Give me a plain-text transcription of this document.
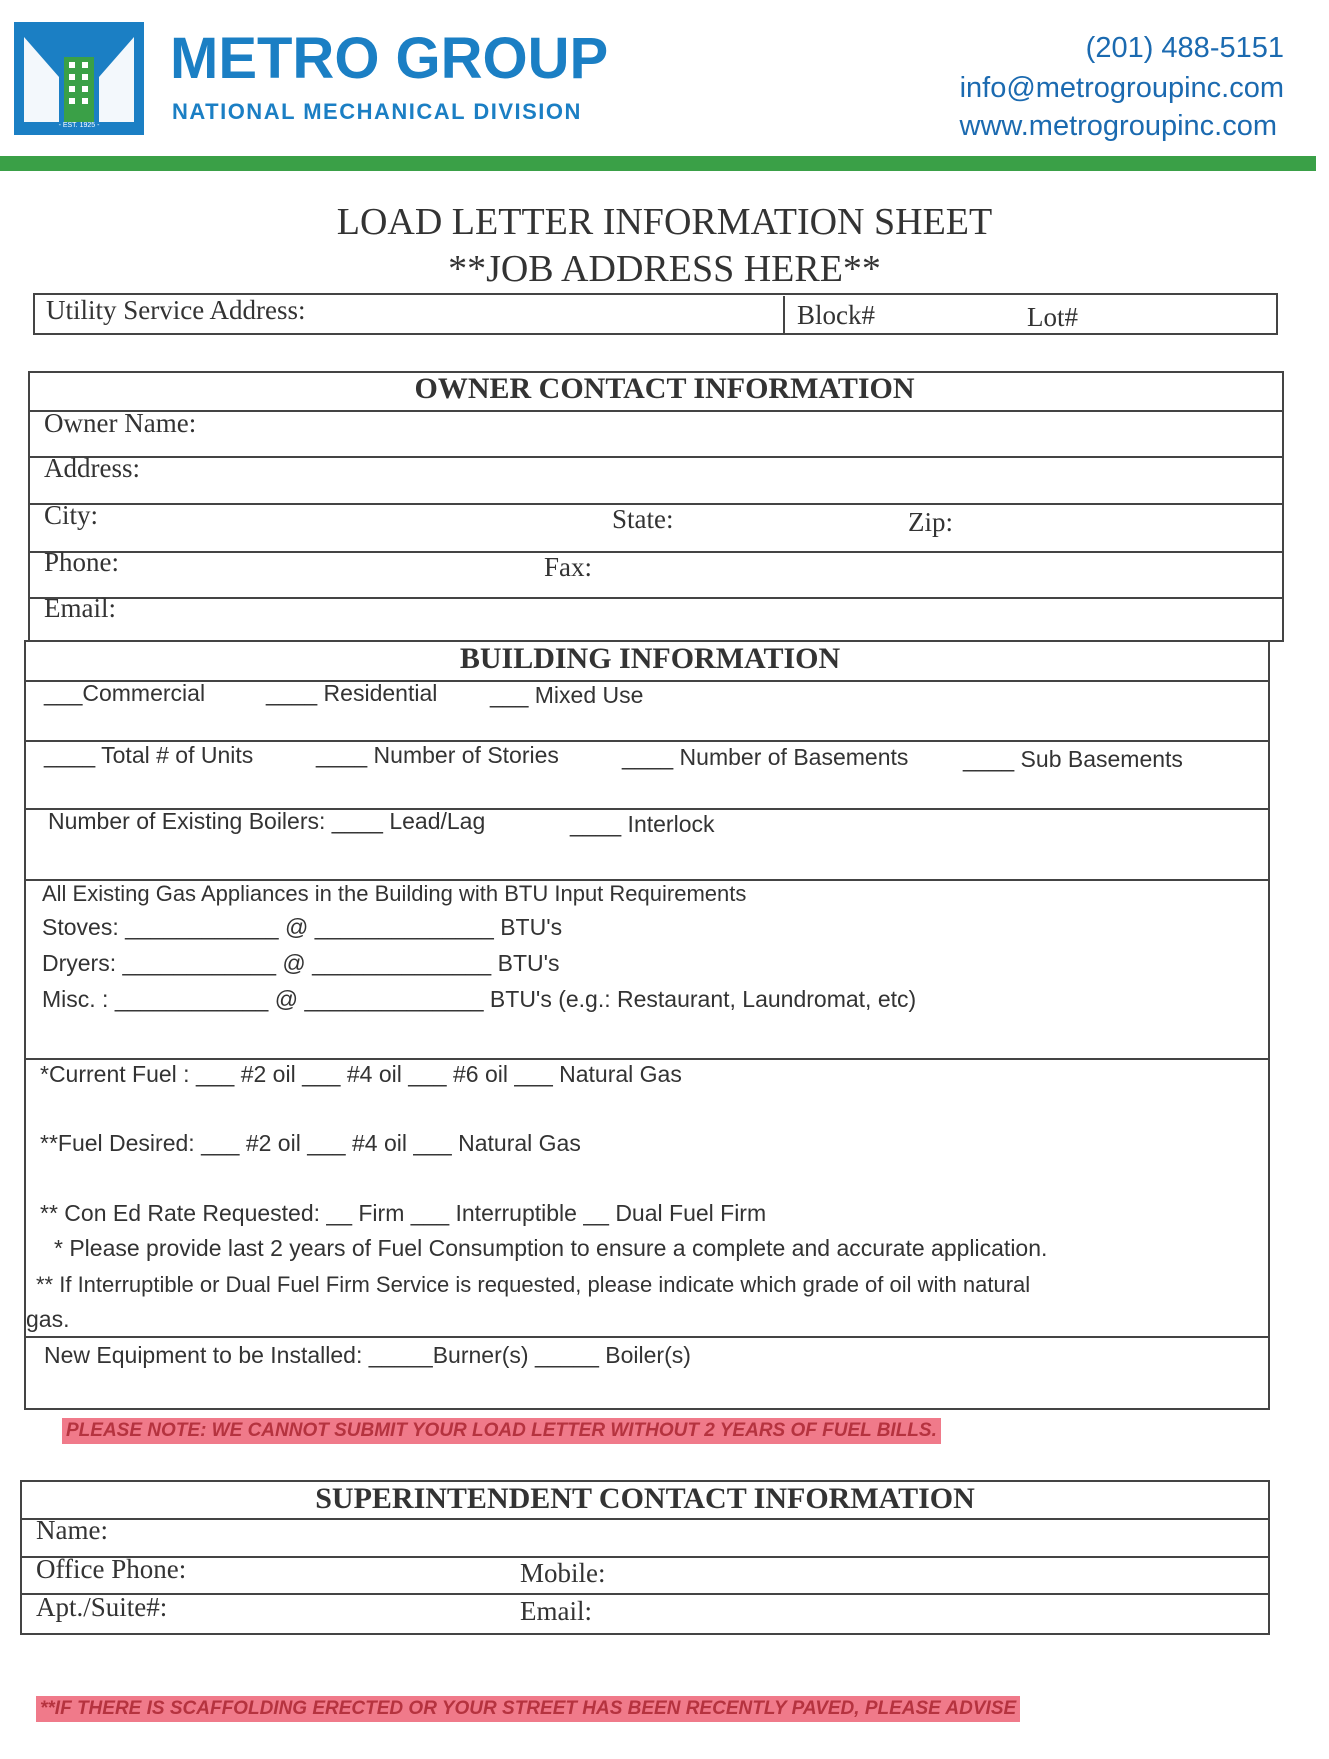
- EST. 1925 -
METRO GROUP
NATIONAL MECHANICAL DIVISION
(201) 488-5151
info@metrogroupinc.com
www.metrogroupinc.com
LOAD LETTER INFORMATION SHEET
**JOB ADDRESS HERE**
Utility Service Address:	Block#	Lot#
OWNER CONTACT INFORMATION
Owner Name:
Address:
City:	State:	Zip:
Phone:	Fax:
Email:
BUILDING INFORMATION
___Commercial	____ Residential ___ Mixed Use
____ Total # of Units	____ Number of Stories	____ Number of Basements ____ Sub Basements
Number of Existing Boilers: ____ Lead/Lag	____ Interlock
All Existing Gas Appliances in the Building with BTU Input Requirements
Stoves: ____________ @ ______________ BTU's
Dryers: ____________ @ ______________ BTU's
Misc. : ____________ @ ______________ BTU's (e.g.: Restaurant, Laundromat, etc)
*Current Fuel : ___ #2 oil ___ #4 oil ___ #6 oil ___ Natural Gas
**Fuel Desired: ___ #2 oil ___ #4 oil ___ Natural Gas
** Con Ed Rate Requested: __ Firm ___ Interruptible __ Dual Fuel Firm
* Please provide last 2 years of Fuel Consumption to ensure a complete and accurate application.
** If Interruptible or Dual Fuel Firm Service is requested, please indicate which grade of oil with natural
gas.
New Equipment to be Installed: _____Burner(s) _____ Boiler(s)
PLEASE NOTE: WE CANNOT SUBMIT YOUR LOAD LETTER WITHOUT 2 YEARS OF FUEL BILLS.
SUPERINTENDENT CONTACT INFORMATION
Name:
Office Phone:	Mobile:
Apt./Suite#:	Email:
**IF THERE IS SCAFFOLDING ERECTED OR YOUR STREET HAS BEEN RECENTLY PAVED, PLEASE ADVISE
